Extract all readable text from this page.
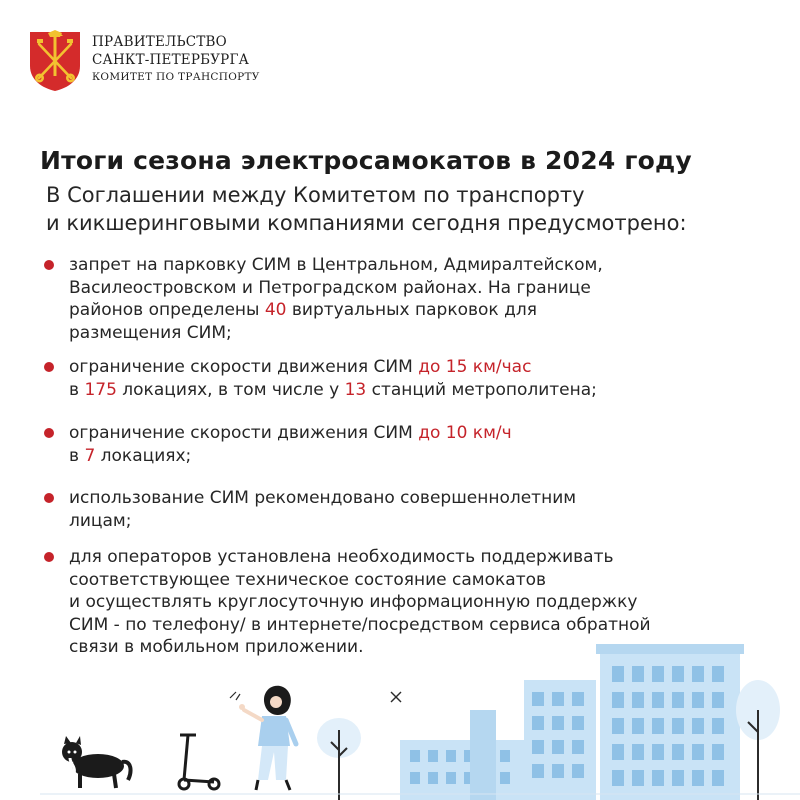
ПРАВИТЕЛЬСТВО
САНКТ-ПЕТЕРБУРГА
КОМИТЕТ ПО ТРАНСПОРТУ
Итоги сезона электросамокатов в 2024 году
В Соглашении между Комитетом по транспорту
и кикшеринговыми компаниями сегодня предусмотрено:
запрет на парковку СИМ в Центральном, Адмиралтейском,
Василеостровском и Петроградском районах. На границе
районов определены 40 виртуальных парковок для
размещения СИМ;
ограничение скорости движения СИМ до 15 км/час
в 175 локациях, в том числе у 13 станций метрополитена;
ограничение скорости движения СИМ до 10 км/ч
в 7 локациях;
использование СИМ рекомендовано совершеннолетним
лицам;
для операторов установлена необходимость поддерживать
соответствующее техническое состояние самокатов
и осуществлять круглосуточную информационную поддержку
СИМ - по телефону/ в интернете/посредством сервиса обратной
связи в мобильном приложении.
